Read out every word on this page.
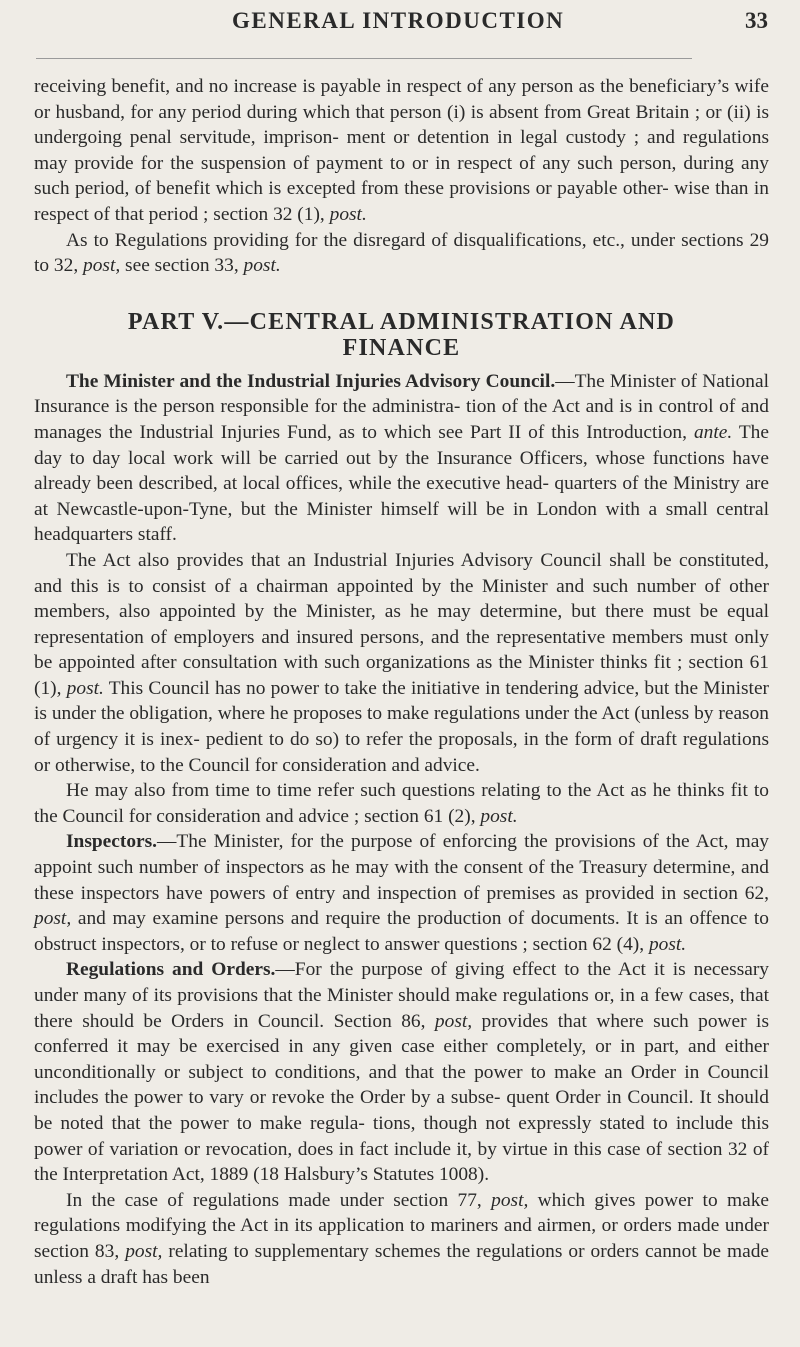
GENERAL INTRODUCTION	33

receiving benefit, and no increase is payable in respect of any person as the beneficiary’s wife or husband, for any period during which that person (i) is absent from Great Britain ; or (ii) is undergoing penal servitude, imprison- ment or detention in legal custody ; and regulations may provide for the suspension of payment to or in respect of any such person, during any such period, of benefit which is excepted from these provisions or payable other- wise than in respect of that period ; section 32 (1), post.

As to Regulations providing for the disregard of disqualifications, etc., under sections 29 to 32, post, see section 33, post.

PART V.—CENTRAL ADMINISTRATION AND
FINANCE

The Minister and the Industrial Injuries Advisory Council.—The Minister of National Insurance is the person responsible for the administra- tion of the Act and is in control of and manages the Industrial Injuries Fund, as to which see Part II of this Introduction, ante. The day to day local work will be carried out by the Insurance Officers, whose functions have already been described, at local offices, while the executive head- quarters of the Ministry are at Newcastle-upon-Tyne, but the Minister himself will be in London with a small central headquarters staff.

The Act also provides that an Industrial Injuries Advisory Council shall be constituted, and this is to consist of a chairman appointed by the Minister and such number of other members, also appointed by the Minister, as he may determine, but there must be equal representation of employers and insured persons, and the representative members must only be appointed after consultation with such organizations as the Minister thinks fit ; section 61 (1), post. This Council has no power to take the initiative in tendering advice, but the Minister is under the obligation, where he proposes to make regulations under the Act (unless by reason of urgency it is inex- pedient to do so) to refer the proposals, in the form of draft regulations or otherwise, to the Council for consideration and advice.

He may also from time to time refer such questions relating to the Act as he thinks fit to the Council for consideration and advice ; section 61 (2), post.

Inspectors.—The Minister, for the purpose of enforcing the provisions of the Act, may appoint such number of inspectors as he may with the consent of the Treasury determine, and these inspectors have powers of entry and inspection of premises as provided in section 62, post, and may examine persons and require the production of documents. It is an offence to obstruct inspectors, or to refuse or neglect to answer questions ; section 62 (4), post.

Regulations and Orders.—For the purpose of giving effect to the Act it is necessary under many of its provisions that the Minister should make regulations or, in a few cases, that there should be Orders in Council. Section 86, post, provides that where such power is conferred it may be exercised in any given case either completely, or in part, and either unconditionally or subject to conditions, and that the power to make an Order in Council includes the power to vary or revoke the Order by a subse- quent Order in Council. It should be noted that the power to make regula- tions, though not expressly stated to include this power of variation or revocation, does in fact include it, by virtue in this case of section 32 of the Interpretation Act, 1889 (18 Halsbury’s Statutes 1008).

In the case of regulations made under section 77, post, which gives power to make regulations modifying the Act in its application to mariners and airmen, or orders made under section 83, post, relating to supplementary schemes the regulations or orders cannot be made unless a draft has been
